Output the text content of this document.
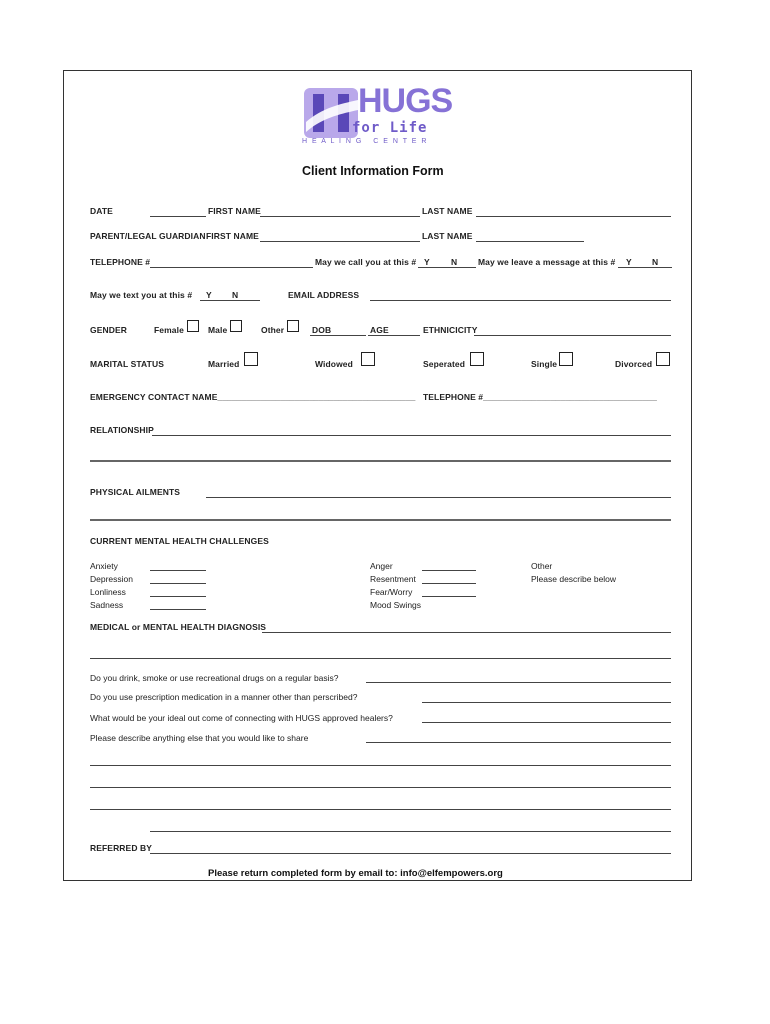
HUGS
for Life
H E A L I N G   C E N T E R
Client Information Form
DATE	FIRST NAME	LAST NAME
PARENT/LEGAL GUARDIAN FIRST NAME	LAST NAME
TELEPHONE #	May we call you at this # Y N May we leave a message at this # Y N
May we text you at this # Y N	EMAIL ADDRESS
GENDER	Female	Male	Other	DOB	AGE	ETHNICICITY
MARITAL STATUS	Married	Widowed	Seperated	Single	Divorced
EMERGENCY CONTACT NAME_________________________________________ TELEPHONE #____________________________________
RELATIONSHIP
PHYSICAL AILMENTS
CURRENT MENTAL HEALTH CHALLENGES
Anxiety
Depression
Lonliness
Sadness
Anger
Resentment
Fear/Worry
Mood Swings
Other
Please describe below
MEDICAL or MENTAL HEALTH DIAGNOSIS
Do you drink, smoke or use recreational drugs on a regular basis?
Do you use prescription medication in a manner other than perscribed?
What would be your ideal out come of connecting with HUGS approved healers?
Please describe anything else that you would like to share
REFERRED BY
Please return completed form by email to: info@elfempowers.org
